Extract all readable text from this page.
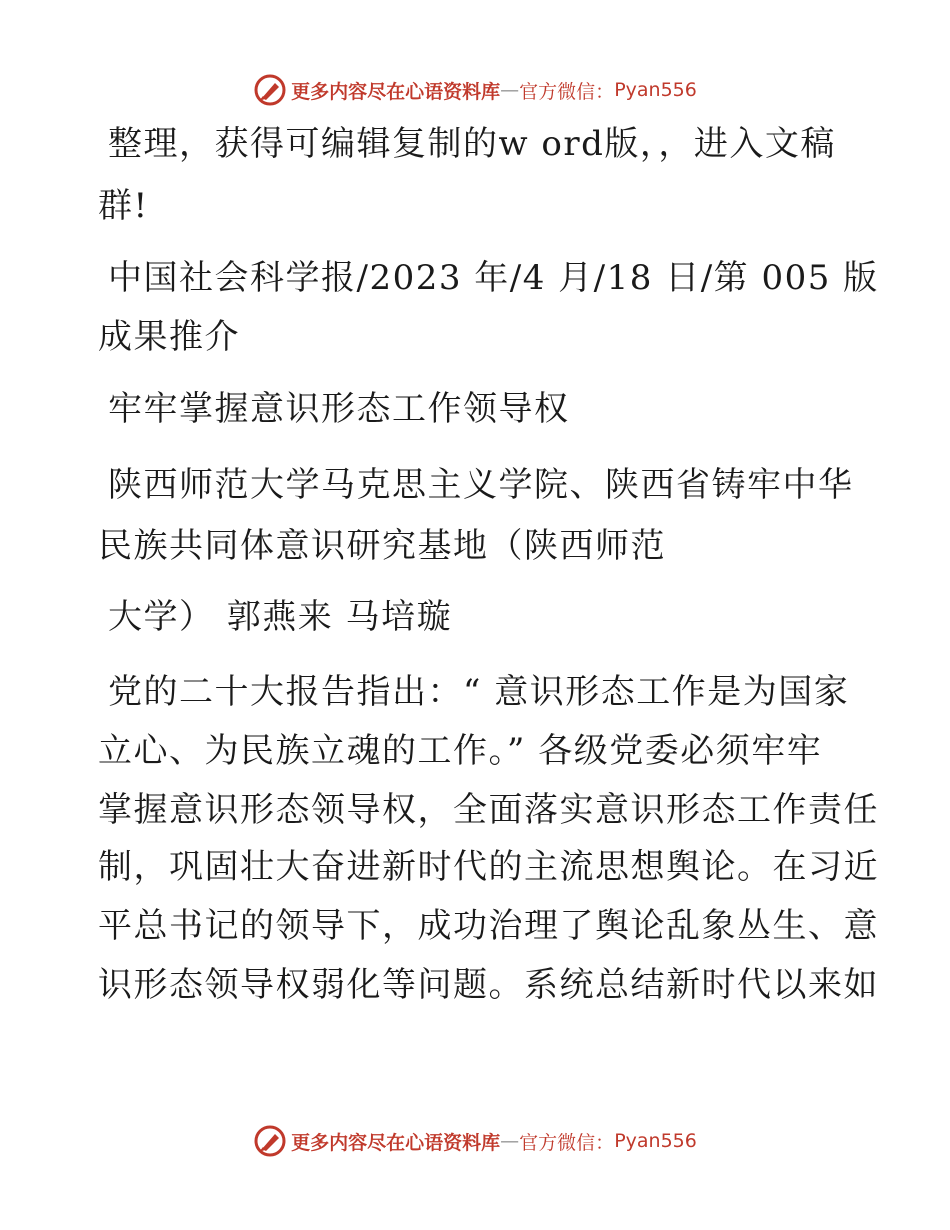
更多内容尽在心语资料库 — 官方微信： Pyan556
整理，获得可编辑复制的w ord版，，进入文稿
群!
中国社会科学报/2023 年/4 月/18 日/第 005 版
成果推介
牢牢掌握意识形态工作领导权
陕西师范大学马克思主义学院、陕西省铸牢中华
民族共同体意识研究基地（陕西师范
大学） 郭燕来 马培璇
党的二十大报告指出：“ 意识形态工作是为国家
立心、为民族立魂的工作。” 各级党委必须牢牢
掌握意识形态领导权，全面落实意识形态工作责任
制，巩固壮大奋进新时代的主流思想舆论。在习近
平总书记的领导下，成功治理了舆论乱象丛生、意
识形态领导权弱化等问题。系统总结新时代以来如
更多内容尽在心语资料库 — 官方微信： Pyan556
